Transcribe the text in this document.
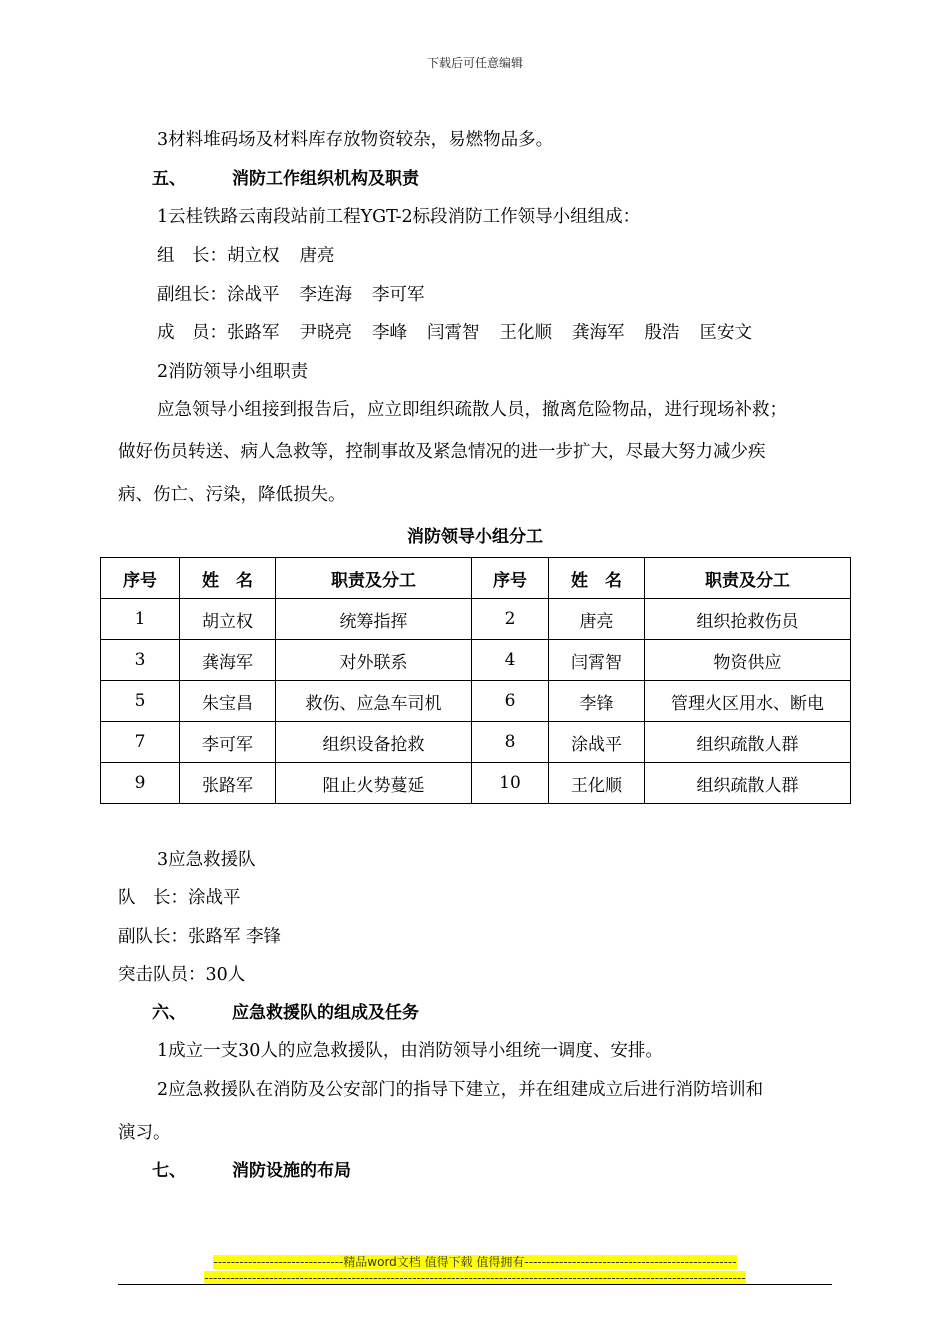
下载后可任意编辑
3材料堆码场及材料库存放物资较杂，易燃物品多。
五、	消防工作组织机构及职责
1云桂铁路云南段站前工程YGT-2标段消防工作领导小组组成：
组　长：胡立权 唐亮
副组长：涂战平 李连海 李可军
成　员：张路军 尹晓亮 李峰 闫霄智 王化顺 龚海军 殷浩 匡安文
2消防领导小组职责
应急领导小组接到报告后，应立即组织疏散人员，撤离危险物品，进行现场补救；
做好伤员转送、病人急救等，控制事故及紧急情况的进一步扩大，尽最大努力减少疾
病、伤亡、污染，降低损失。
消防领导小组分工
序号	姓　名	职责及分工	序号	姓　名	职责及分工
1	胡立权	统筹指挥	2	唐亮	组织抢救伤员
3	龚海军	对外联系	4	闫霄智	物资供应
5	朱宝昌	救伤、应急车司机	6	李锋	管理火区用水、断电
7	李可军	组织设备抢救	8	涂战平	组织疏散人群
9	张路军	阻止火势蔓延	10	王化顺	组织疏散人群
3应急救援队
队　长：涂战平
副队长：张路军 李锋
突击队员：30人
六、	应急救援队的组成及任务
1成立一支30人的应急救援队，由消防领导小组统一调度、安排。
2应急救援队在消防及公安部门的指导下建立，并在组建成立后进行消防培训和
演习。
七、	消防设施的布局
------------------------------精品word文档 值得下载 值得拥有-------------------------------------------------
-----------------------------------------------------------------------------------------------------------------------------
